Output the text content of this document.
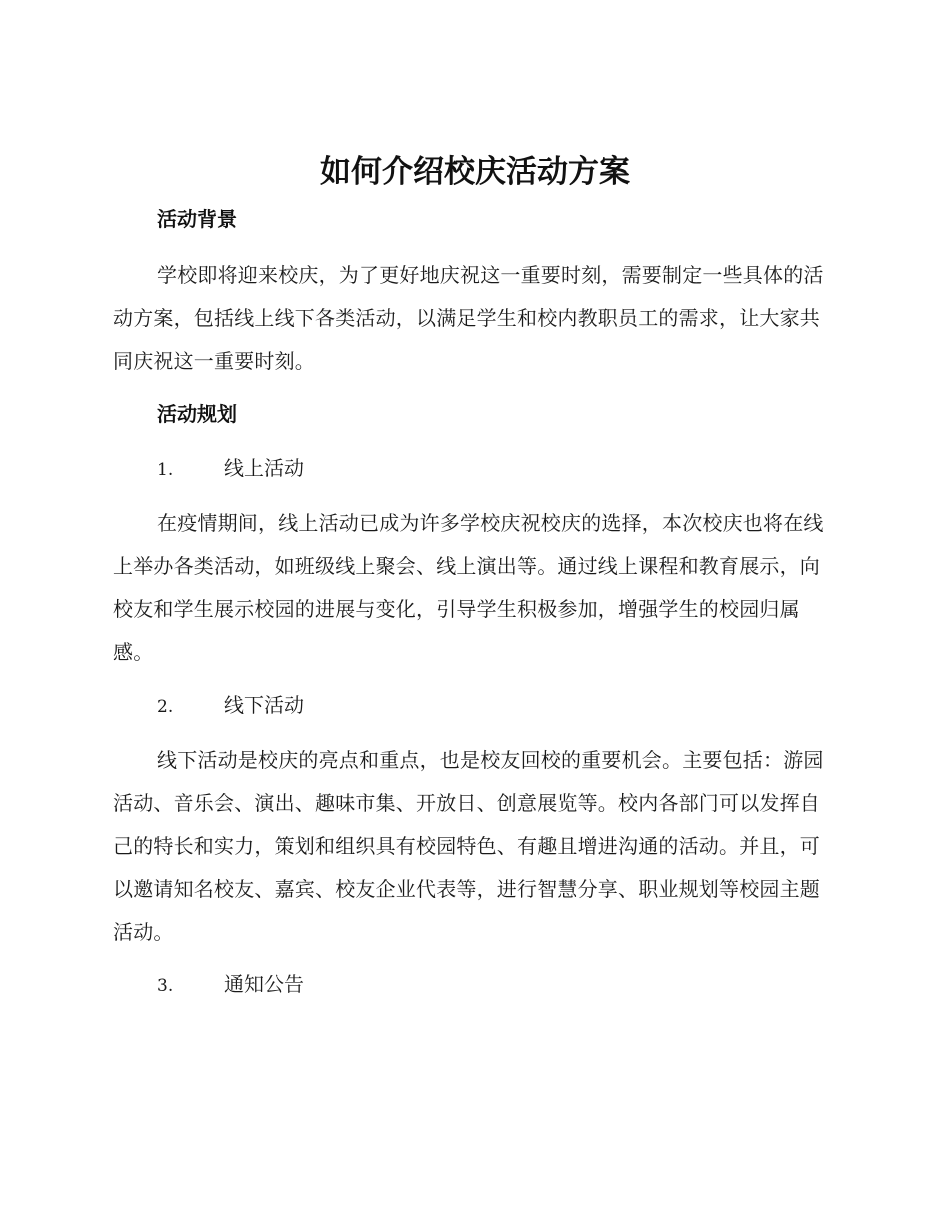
如何介绍校庆活动方案
活动背景

学校即将迎来校庆，为了更好地庆祝这一重要时刻，需要制定一些具体的活动方案，包括线上线下各类活动，以满足学生和校内教职员工的需求，让大家共同庆祝这一重要时刻。

活动规划
1.	线上活动

在疫情期间，线上活动已成为许多学校庆祝校庆的选择，本次校庆也将在线上举办各类活动，如班级线上聚会、线上演出等。通过线上课程和教育展示，向校友和学生展示校园的进展与变化，引导学生积极参加，增强学生的校园归属感。

2.	线下活动

线下活动是校庆的亮点和重点，也是校友回校的重要机会。主要包括：游园活动、音乐会、演出、趣味市集、开放日、创意展览等。校内各部门可以发挥自己的特长和实力，策划和组织具有校园特色、有趣且增进沟通的活动。并且，可以邀请知名校友、嘉宾、校友企业代表等，进行智慧分享、职业规划等校园主题活动。

3.	通知公告
